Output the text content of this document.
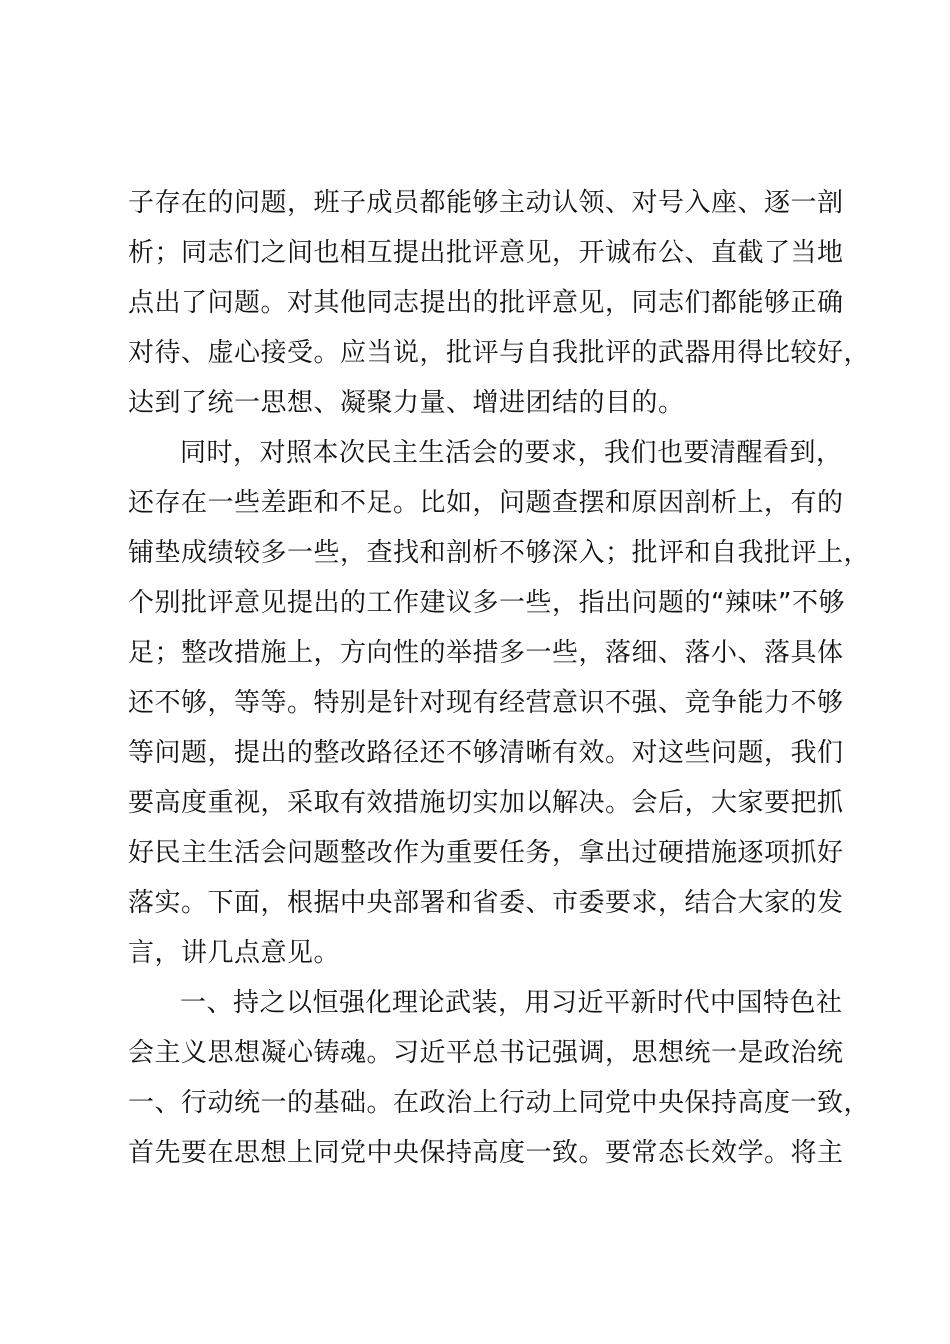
子存在的问题，班子成员都能够主动认领、对号入座、逐一剖
析；同志们之间也相互提出批评意见，开诚布公、直截了当地
点出了问题。对其他同志提出的批评意见，同志们都能够正确
对待、虚心接受。应当说，批评与自我批评的武器用得比较好，
达到了统一思想、凝聚力量、增进团结的目的。
同时，对照本次民主生活会的要求，我们也要清醒看到，
还存在一些差距和不足。比如，问题查摆和原因剖析上，有的
铺垫成绩较多一些，查找和剖析不够深入；批评和自我批评上，
个别批评意见提出的工作建议多一些，指出问题的“辣味”不够
足；整改措施上，方向性的举措多一些，落细、落小、落具体
还不够，等等。特别是针对现有经营意识不强、竞争能力不够
等问题，提出的整改路径还不够清晰有效。对这些问题，我们
要高度重视，采取有效措施切实加以解决。会后，大家要把抓
好民主生活会问题整改作为重要任务，拿出过硬措施逐项抓好
落实。下面，根据中央部署和省委、市委要求，结合大家的发
言，讲几点意见。
一、持之以恒强化理论武装，用习近平新时代中国特色社
会主义思想凝心铸魂。习近平总书记强调，思想统一是政治统
一、行动统一的基础。在政治上行动上同党中央保持高度一致，
首先要在思想上同党中央保持高度一致。要常态长效学。将主
